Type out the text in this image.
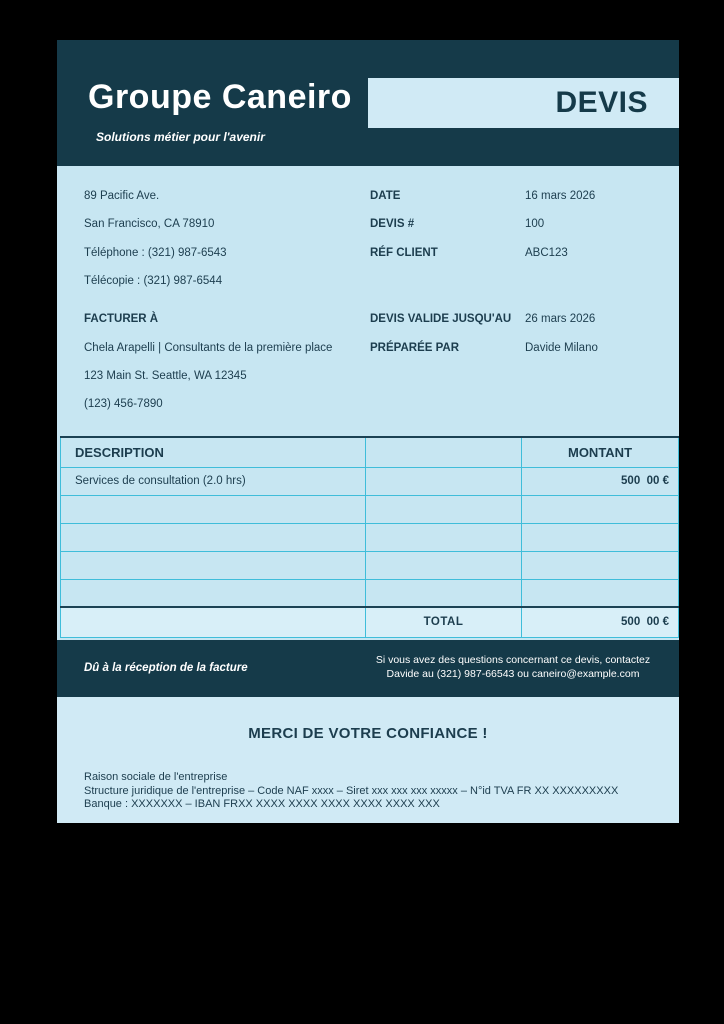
Groupe Caneiro
Solutions métier pour l'avenir
DEVIS
89 Pacific Ave.
San Francisco, CA 78910
Téléphone : (321) 987-6543
Télécopie : (321) 987-6544
DATE	16 mars 2026
DEVIS #	100
RÉF CLIENT	ABC123
FACTURER À
Chela Arapelli | Consultants de la première place
123 Main St. Seattle, WA 12345
(123) 456-7890
DEVIS VALIDE JUSQU'AU 26 mars 2026
PRÉPARÉE PAR	Davide Milano
DESCRIPTION		MONTANT
Services de consultation (2.0 hrs)		500  00 €

	TOTAL	500  00 €
Dû à la réception de la facture
Si vous avez des questions concernant ce devis, contactez
Davide au (321) 987-66543 ou caneiro@example.com
MERCI DE VOTRE CONFIANCE !
Raison sociale de l'entreprise
Structure juridique de l'entreprise – Code NAF xxxx – Siret xxx xxx xxx xxxxx – N°id TVA FR XX XXXXXXXXX
Banque : XXXXXXX – IBAN FRXX XXXX XXXX XXXX XXXX XXXX XXX
